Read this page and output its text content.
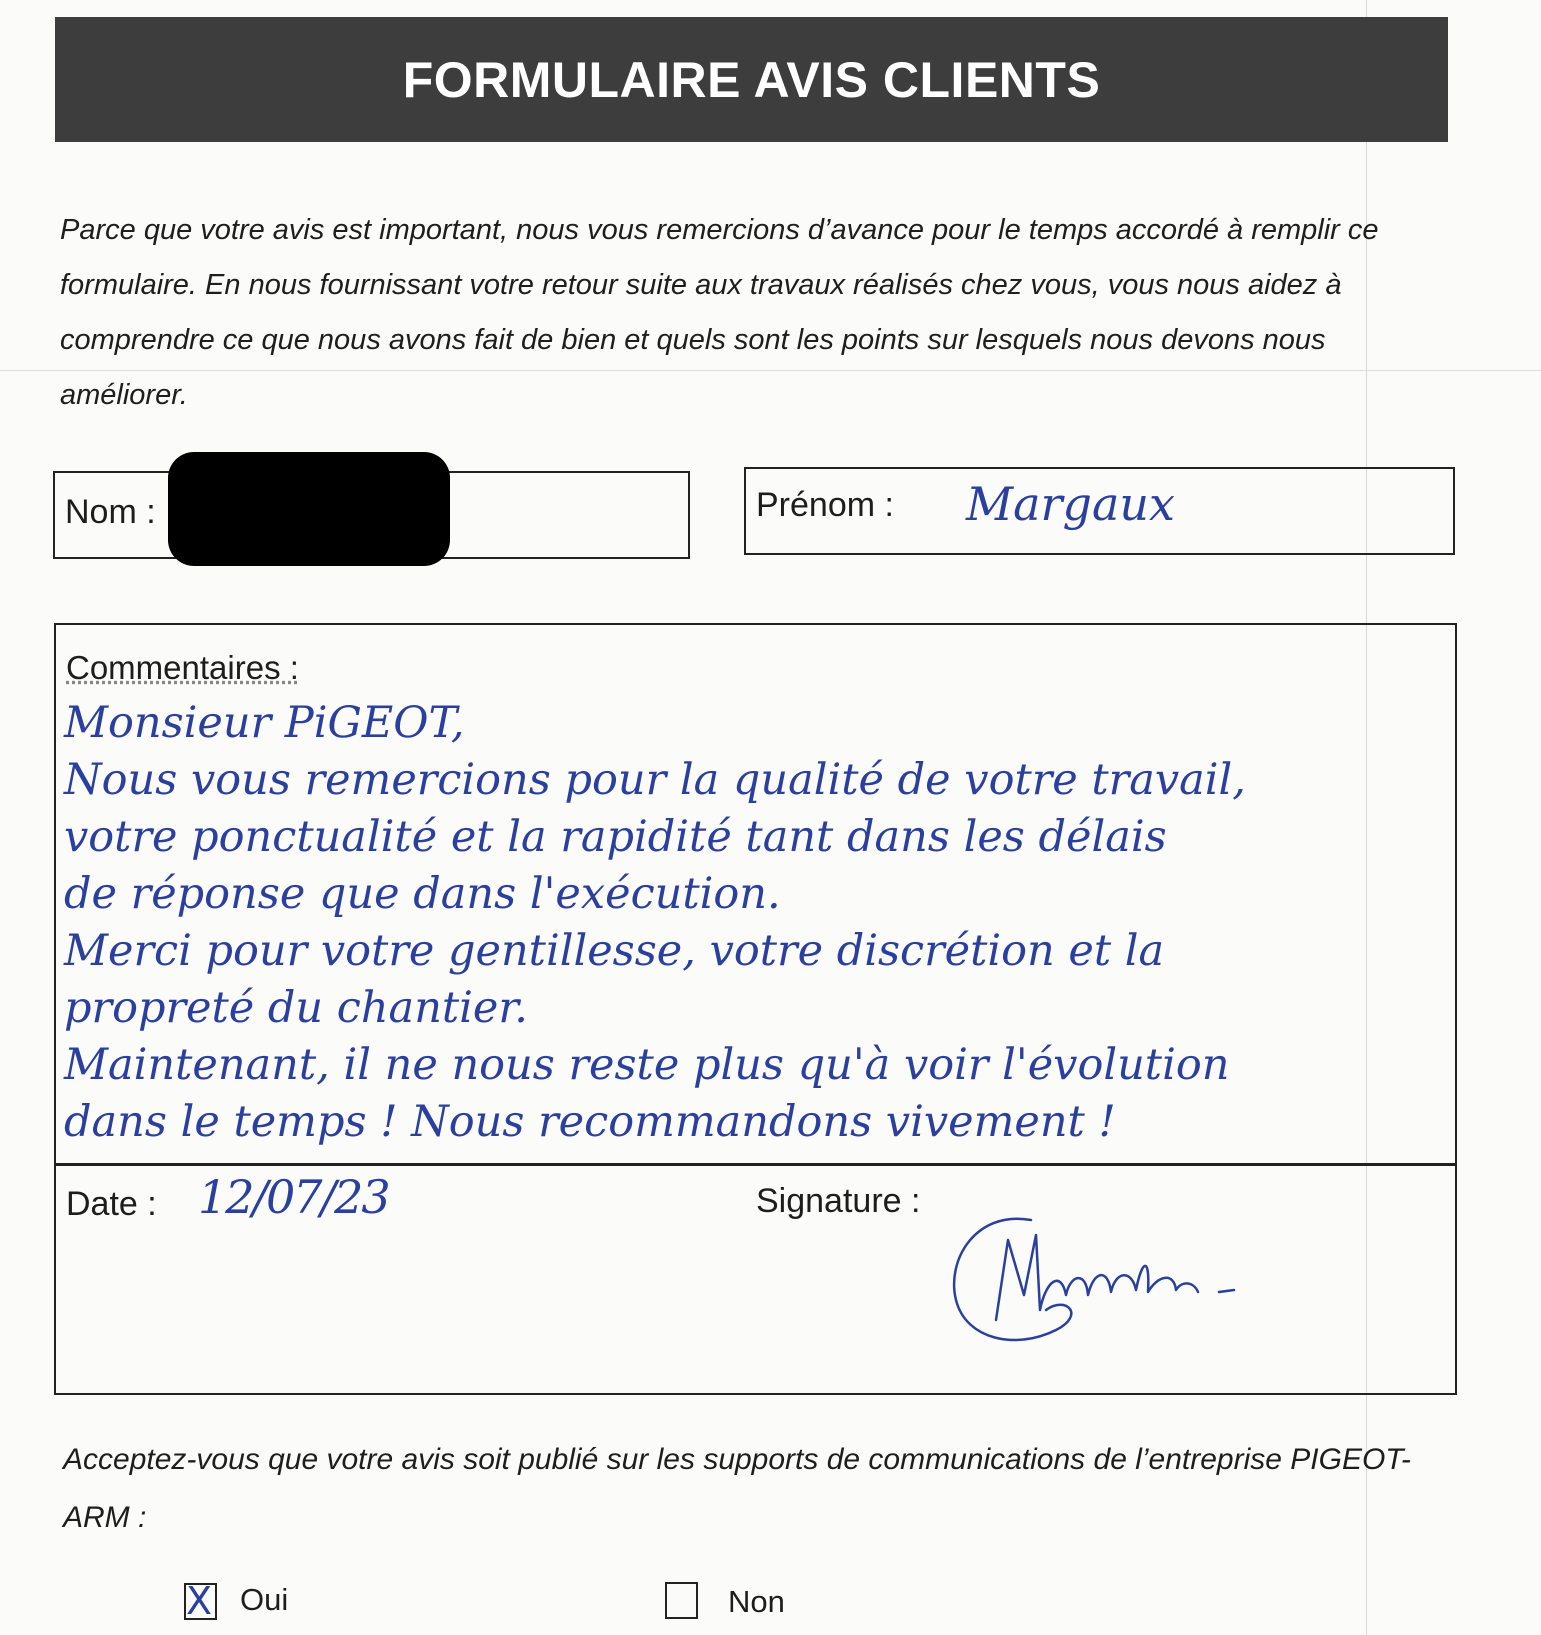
FORMULAIRE AVIS CLIENTS
Parce que votre avis est important, nous vous remercions d’avance pour le temps accordé à remplir ce formulaire. En nous fournissant votre retour suite aux travaux réalisés chez vous, vous nous aidez à comprendre ce que nous avons fait de bien et quels sont les points sur lesquels nous devons nous améliorer.
Nom :	Prénom : Margaux
Commentaires :
Monsieur PiGEOT,
Nous vous remercions pour la qualité de votre travail,
votre ponctualité et la rapidité tant dans les délais
de réponse que dans l'exécution.
Merci pour votre gentillesse, votre discrétion et la
propreté du chantier.
Maintenant, il ne nous reste plus qu'à voir l'évolution
dans le temps ! Nous recommandons vivement !
Date : 12/07/23	Signature :
Acceptez-vous que votre avis soit publié sur les supports de communications de l’entreprise PIGEOT-ARM :
X Oui	Non
